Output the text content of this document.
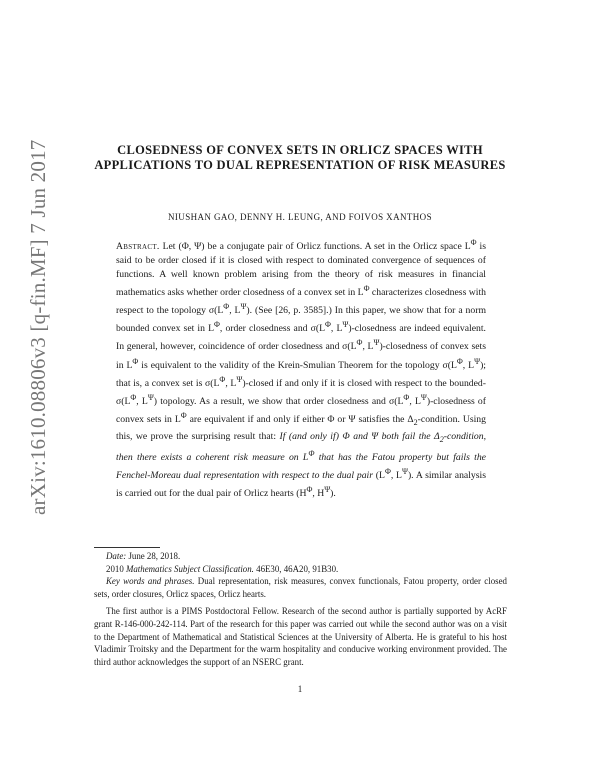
arXiv:1610.08806v3 [q-fin.MF] 7 Jun 2017	CLOSEDNESS OF CONVEX SETS IN ORLICZ SPACES WITH APPLICATIONS TO DUAL REPRESENTATION OF RISK MEASURES
NIUSHAN GAO, DENNY H. LEUNG, AND FOIVOS XANTHOS
Abstract. Let (Φ, Ψ) be a conjugate pair of Orlicz functions. A set in the Orlicz space $L^\Phi$ is said to be order closed if it is closed with respect to dominated convergence of sequences of functions. A well known problem arising from the theory of risk measures in financial mathematics asks whether order closedness of a convex set in $L^\Phi$ characterizes closedness with respect to the topology $\sigma(L^\Phi$, $L^\Psi$). (See [26, p. 3585].) In this paper, we show that for a norm bounded convex set in $L^\Phi$, order closedness and $\sigma(L^\Phi$, $L^\Psi$)-closedness are indeed equivalent. In general, however, coincidence of order closedness and $\sigma(L^\Phi$, $L^\Psi$)-closedness of convex sets in $L^\Phi$ is equivalent to the validity of the Krein-Smulian Theorem for the topology $\sigma(L^\Phi$, $L^\Psi$); that is, a convex set is $\sigma(L^\Phi$, $L^\Psi$)-closed if and only if it is closed with respect to the bounded-$\sigma(L^\Phi$, $L^\Psi$) topology. As a result, we show that order closedness and $\sigma(L^\Phi$, $L^\Psi$)-closedness of convex sets in $L^\Phi$ are equivalent if and only if either Φ or Ψ satisfies the $\Delta_2$-condition. Using this, we prove the surprising result that: If (and only if) Φ and Ψ both fail the $\Delta_2$-condition, then there exists a coherent risk measure on $L^\Phi$ that has the Fatou property but fails the Fenchel-Moreau dual representation with respect to the dual pair ($L^\Phi$, $L^\Psi$). A similar analysis is carried out for the dual pair of Orlicz hearts ($H^\Phi$, $H^\Psi$).

Date: June 28, 2018.

2010 Mathematics Subject Classification. 46E30, 46A20, 91B30.

Key words and phrases. Dual representation, risk measures, convex functionals, Fatou property, order closed sets, order closures, Orlicz spaces, Orlicz hearts.

The first author is a PIMS Postdoctoral Fellow. Research of the second author is partially supported by AcRF grant R-146-000-242-114. Part of the research for this paper was carried out while the second author was on a visit to the Department of Mathematical and Statistical Sciences at the University of Alberta. He is grateful to his host Vladimir Troitsky and the Department for the warm hospitality and conducive working environment provided. The third author acknowledges the support of an NSERC grant.

1
